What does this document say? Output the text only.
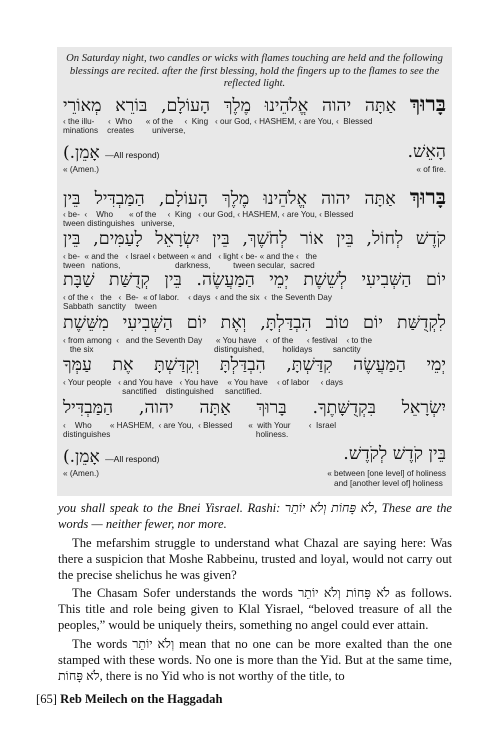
On Saturday night, two candles or wicks with flames touching are held and the following blessings are recited. after the first blessing, hold the fingers up to the flames to see the reflected light.
בָּרוּךְ אַתָּה יהוה אֱלֹהֵינוּ מֶלֶךְ הָעוֹלָם, בּוֹרֵא מְאוֹרֵי
‹ the illu-      ‹  Who      « of the     ‹  King   ‹ our God, ‹ HASHEM, ‹ are You, ‹  Blessed
minations    creates        universe,
(.אָמֵן —All respond)	הָאֵשׁ.
« (Amen.)	« of fire.
בָּרוּךְ אַתָּה יהוה אֱלֹהֵינוּ מֶלֶךְ הָעוֹלָם, הַמַּבְדִּיל בֵּין
‹ be-  ‹    Who       « of the     ‹  King   ‹ our God, ‹ HASHEM, ‹ are You, ‹ Blessed
tween distinguishes   universe,
קֹדֶשׁ לְחוֹל, בֵּין אוֹר לְחֹשֶׁךְ, בֵּין יִשְׂרָאֵל לָעַמִּים, בֵּין
‹ be-  « and the   ‹ Israel ‹ between « and   ‹ light ‹ be- « and the ‹   the
tween   nations,                        darkness,          tween secular,  sacred
יוֹם הַשְּׁבִיעִי לְשֵׁשֶׁת יְמֵי הַמַּעֲשֶׂה. בֵּין קְדֻשַּׁת שַׁבָּת
‹ of the ‹   the   ‹  Be-  « of labor.    ‹ days  ‹ and the six  ‹  the Seventh Day
Sabbath  sanctity    tween
לִקְדֻשַּׁת יוֹם טוֹב הִבְדַּלְתָּ, וְאֶת יוֹם הַשְּׁבִיעִי מִשֵּׁשֶׁת
‹ from among  ‹   and the Seventh Day      « You have    ‹  of the      ‹ festival    ‹ to the
the six                                                     distinguished,        holidays         sanctity
יְמֵי הַמַּעֲשֶׂה קִדַּשְׁתָּ, הִבְדַּלְתָּ וְקִדַּשְׁתָּ אֶת עַמְּךָ
‹ Your people   ‹ and You have   ‹ You have    « You have    ‹ of labor     ‹ days
sanctified    distinguished     sanctified.
יִשְׂרָאֵל בִּקְדֻשָּׁתֶךָ. בָּרוּךְ אַתָּה יהוה, הַמַּבְדִּיל
‹    Who        « HASHEM,  ‹ are You,  ‹ Blessed       «  with Your        ‹  Israel
distinguishes                                                                holiness.
בֵּין קֹדֶשׁ לְקֹדֶשׁ.
(.אָמֵן —All respond)
« (Amen.)	« between [one level] of holiness
and [another level of] holiness

you shall speak to the Bnei Yisrael. Rashi: לֹא פָּחוֹת וְלֹא יוֹתֵר, These are the words — neither fewer, nor more.

The mefarshim struggle to understand what Chazal are saying here: Was there a suspicion that Moshe Rabbeinu, trusted and loyal, would not carry out the precise shelichus he was given?

The Chasam Sofer understands the words לֹא פָּחוֹת וְלֹא יוֹתֵר as follows. This title and role being given to Klal Yisrael, “beloved treasure of all the peoples,” would be uniquely theirs, something no angel could ever attain.

The words וְלֹא יוֹתֵר mean that no one can be more exalted than the one stamped with these words. No one is more than the Yid. But at the same time, לֹא פָּחוֹת, there is no Yid who is not worthy of the title, to

[65] Reb Meilech on the Haggadah
